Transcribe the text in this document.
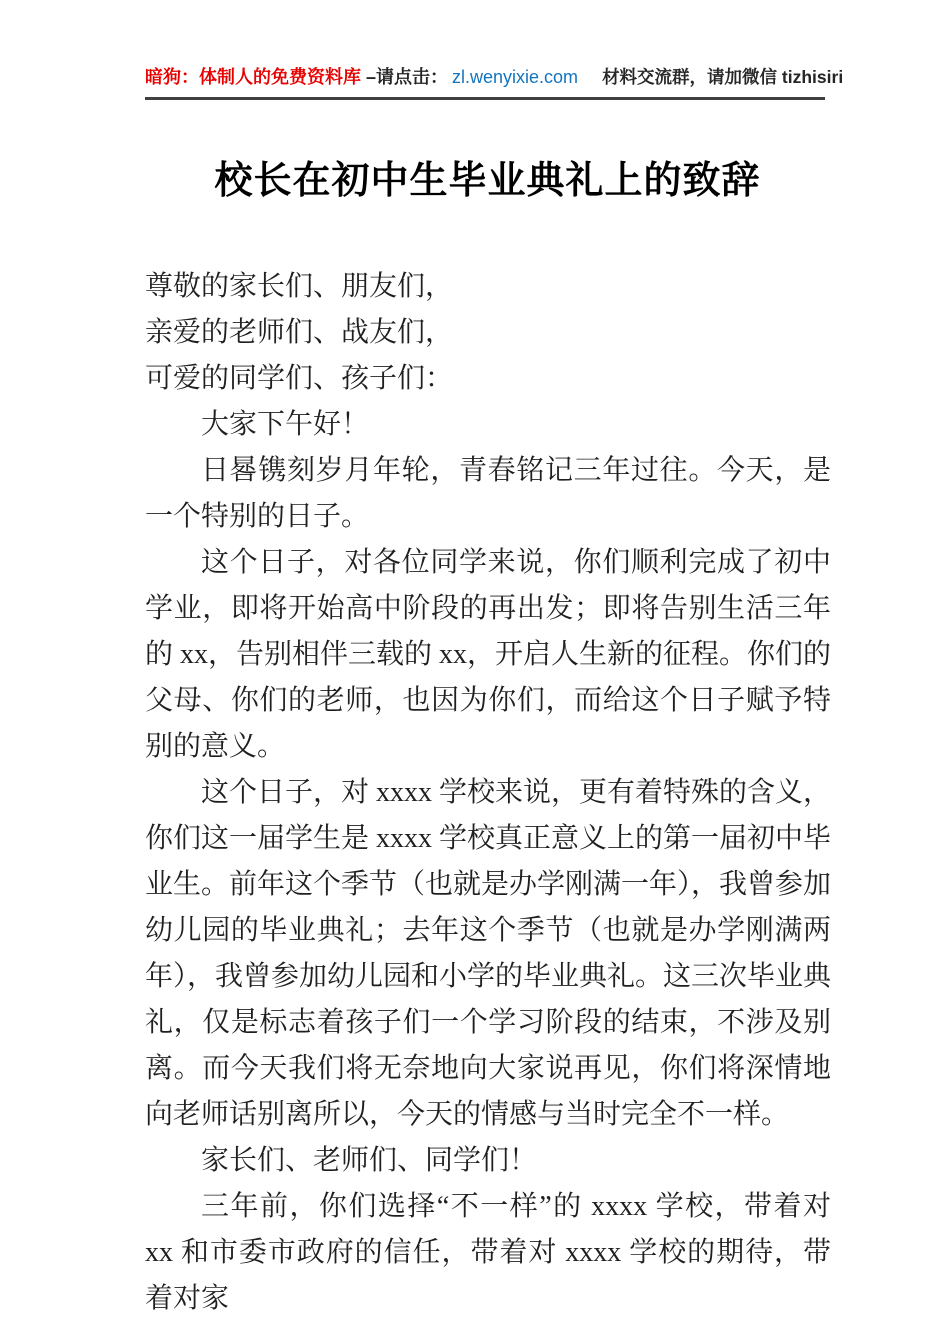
暗狗：体制人的免费资料库 –请点击： zl.wenyixie.com 材料交流群，请加微信 tizhisiri
校长在初中生毕业典礼上的致辞

尊敬的家长们、朋友们，

亲爱的老师们、战友们，

可爱的同学们、孩子们：

大家下午好！

日晷镌刻岁月年轮，青春铭记三年过往。今天，是一个特别的日子。

这个日子，对各位同学来说，你们顺利完成了初中学业，即将开始高中阶段的再出发；即将告别生活三年的 xx，告别相伴三载的 xx，开启人生新的征程。你们的父母、你们的老师，也因为你们，而给这个日子赋予特别的意义。

这个日子，对 xxxx 学校来说，更有着特殊的含义，你们这一届学生是 xxxx 学校真正意义上的第一届初中毕业生。前年这个季节（也就是办学刚满一年），我曾参加幼儿园的毕业典礼；去年这个季节（也就是办学刚满两年），我曾参加幼儿园和小学的毕业典礼。这三次毕业典礼，仅是标志着孩子们一个学习阶段的结束，不涉及别离。而今天我们将无奈地向大家说再见，你们将深情地向老师话别离所以，今天的情感与当时完全不一样。

家长们、老师们、同学们！

三年前，你们选择“不一样”的 xxxx 学校，带着对 xx 和市委市政府的信任，带着对 xxxx 学校的期待，带着对家
